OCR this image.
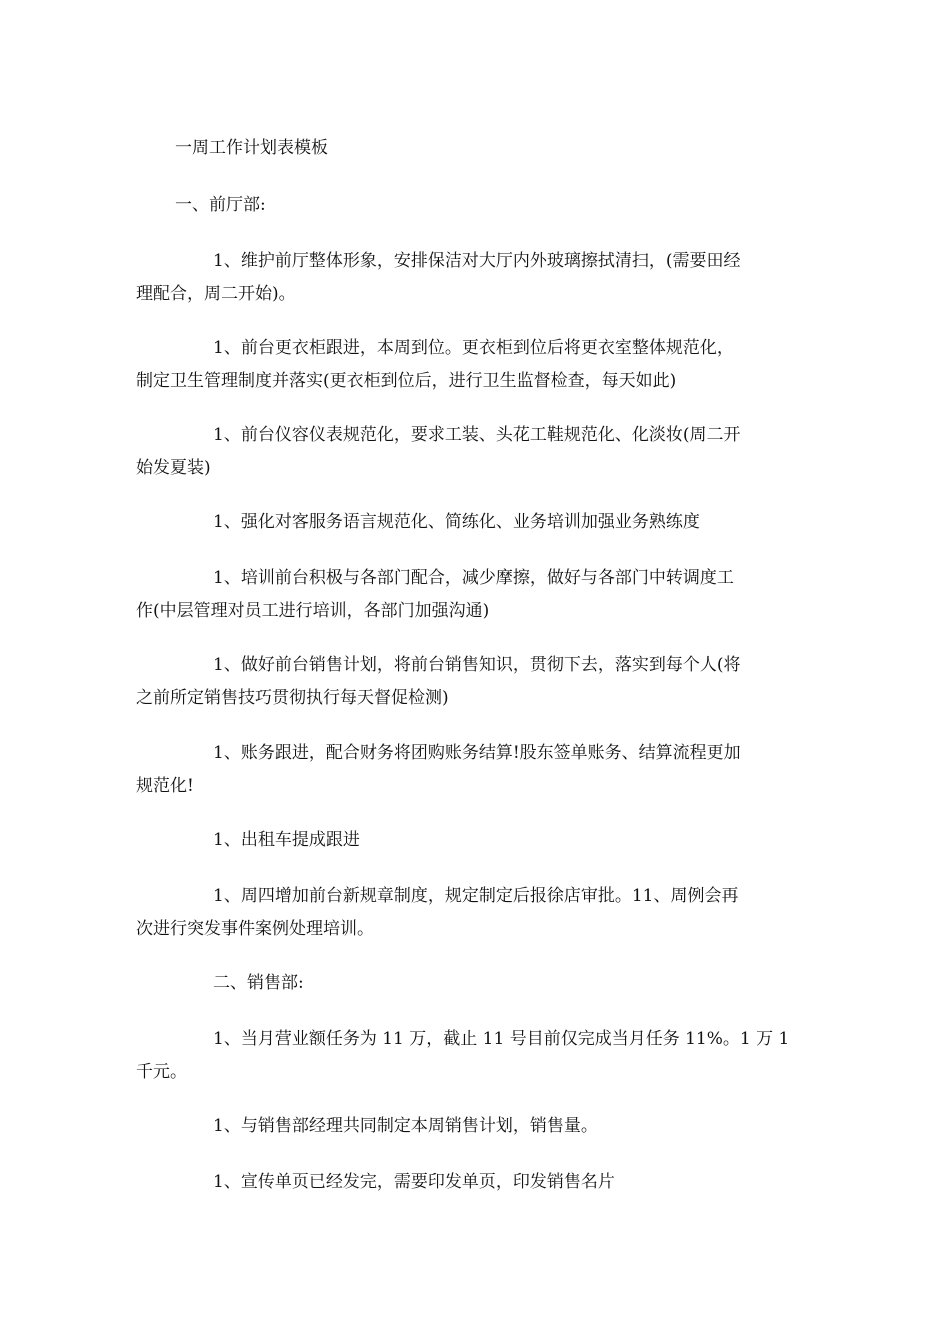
一周工作计划表模板
一、前厅部:
1、维护前厅整体形象，安排保洁对大厅内外玻璃擦拭清扫，(需要田经
理配合，周二开始)。
1、前台更衣柜跟进，本周到位。更衣柜到位后将更衣室整体规范化，
制定卫生管理制度并落实(更衣柜到位后，进行卫生监督检查，每天如此)
1、前台仪容仪表规范化，要求工装、头花工鞋规范化、化淡妆(周二开
始发夏装)
1、强化对客服务语言规范化、简练化、业务培训加强业务熟练度
1、培训前台积极与各部门配合，减少摩擦，做好与各部门中转调度工
作(中层管理对员工进行培训，各部门加强沟通)
1、做好前台销售计划，将前台销售知识，贯彻下去，落实到每个人(将
之前所定销售技巧贯彻执行每天督促检测)
1、账务跟进，配合财务将团购账务结算!股东签单账务、结算流程更加
规范化!
1、出租车提成跟进
1、周四增加前台新规章制度，规定制定后报徐店审批。11、周例会再
次进行突发事件案例处理培训。
二、销售部:
1、当月营业额任务为 11 万，截止 11 号目前仅完成当月任务 11%。1 万 1
千元。
1、与销售部经理共同制定本周销售计划，销售量。
1、宣传单页已经发完，需要印发单页，印发销售名片
